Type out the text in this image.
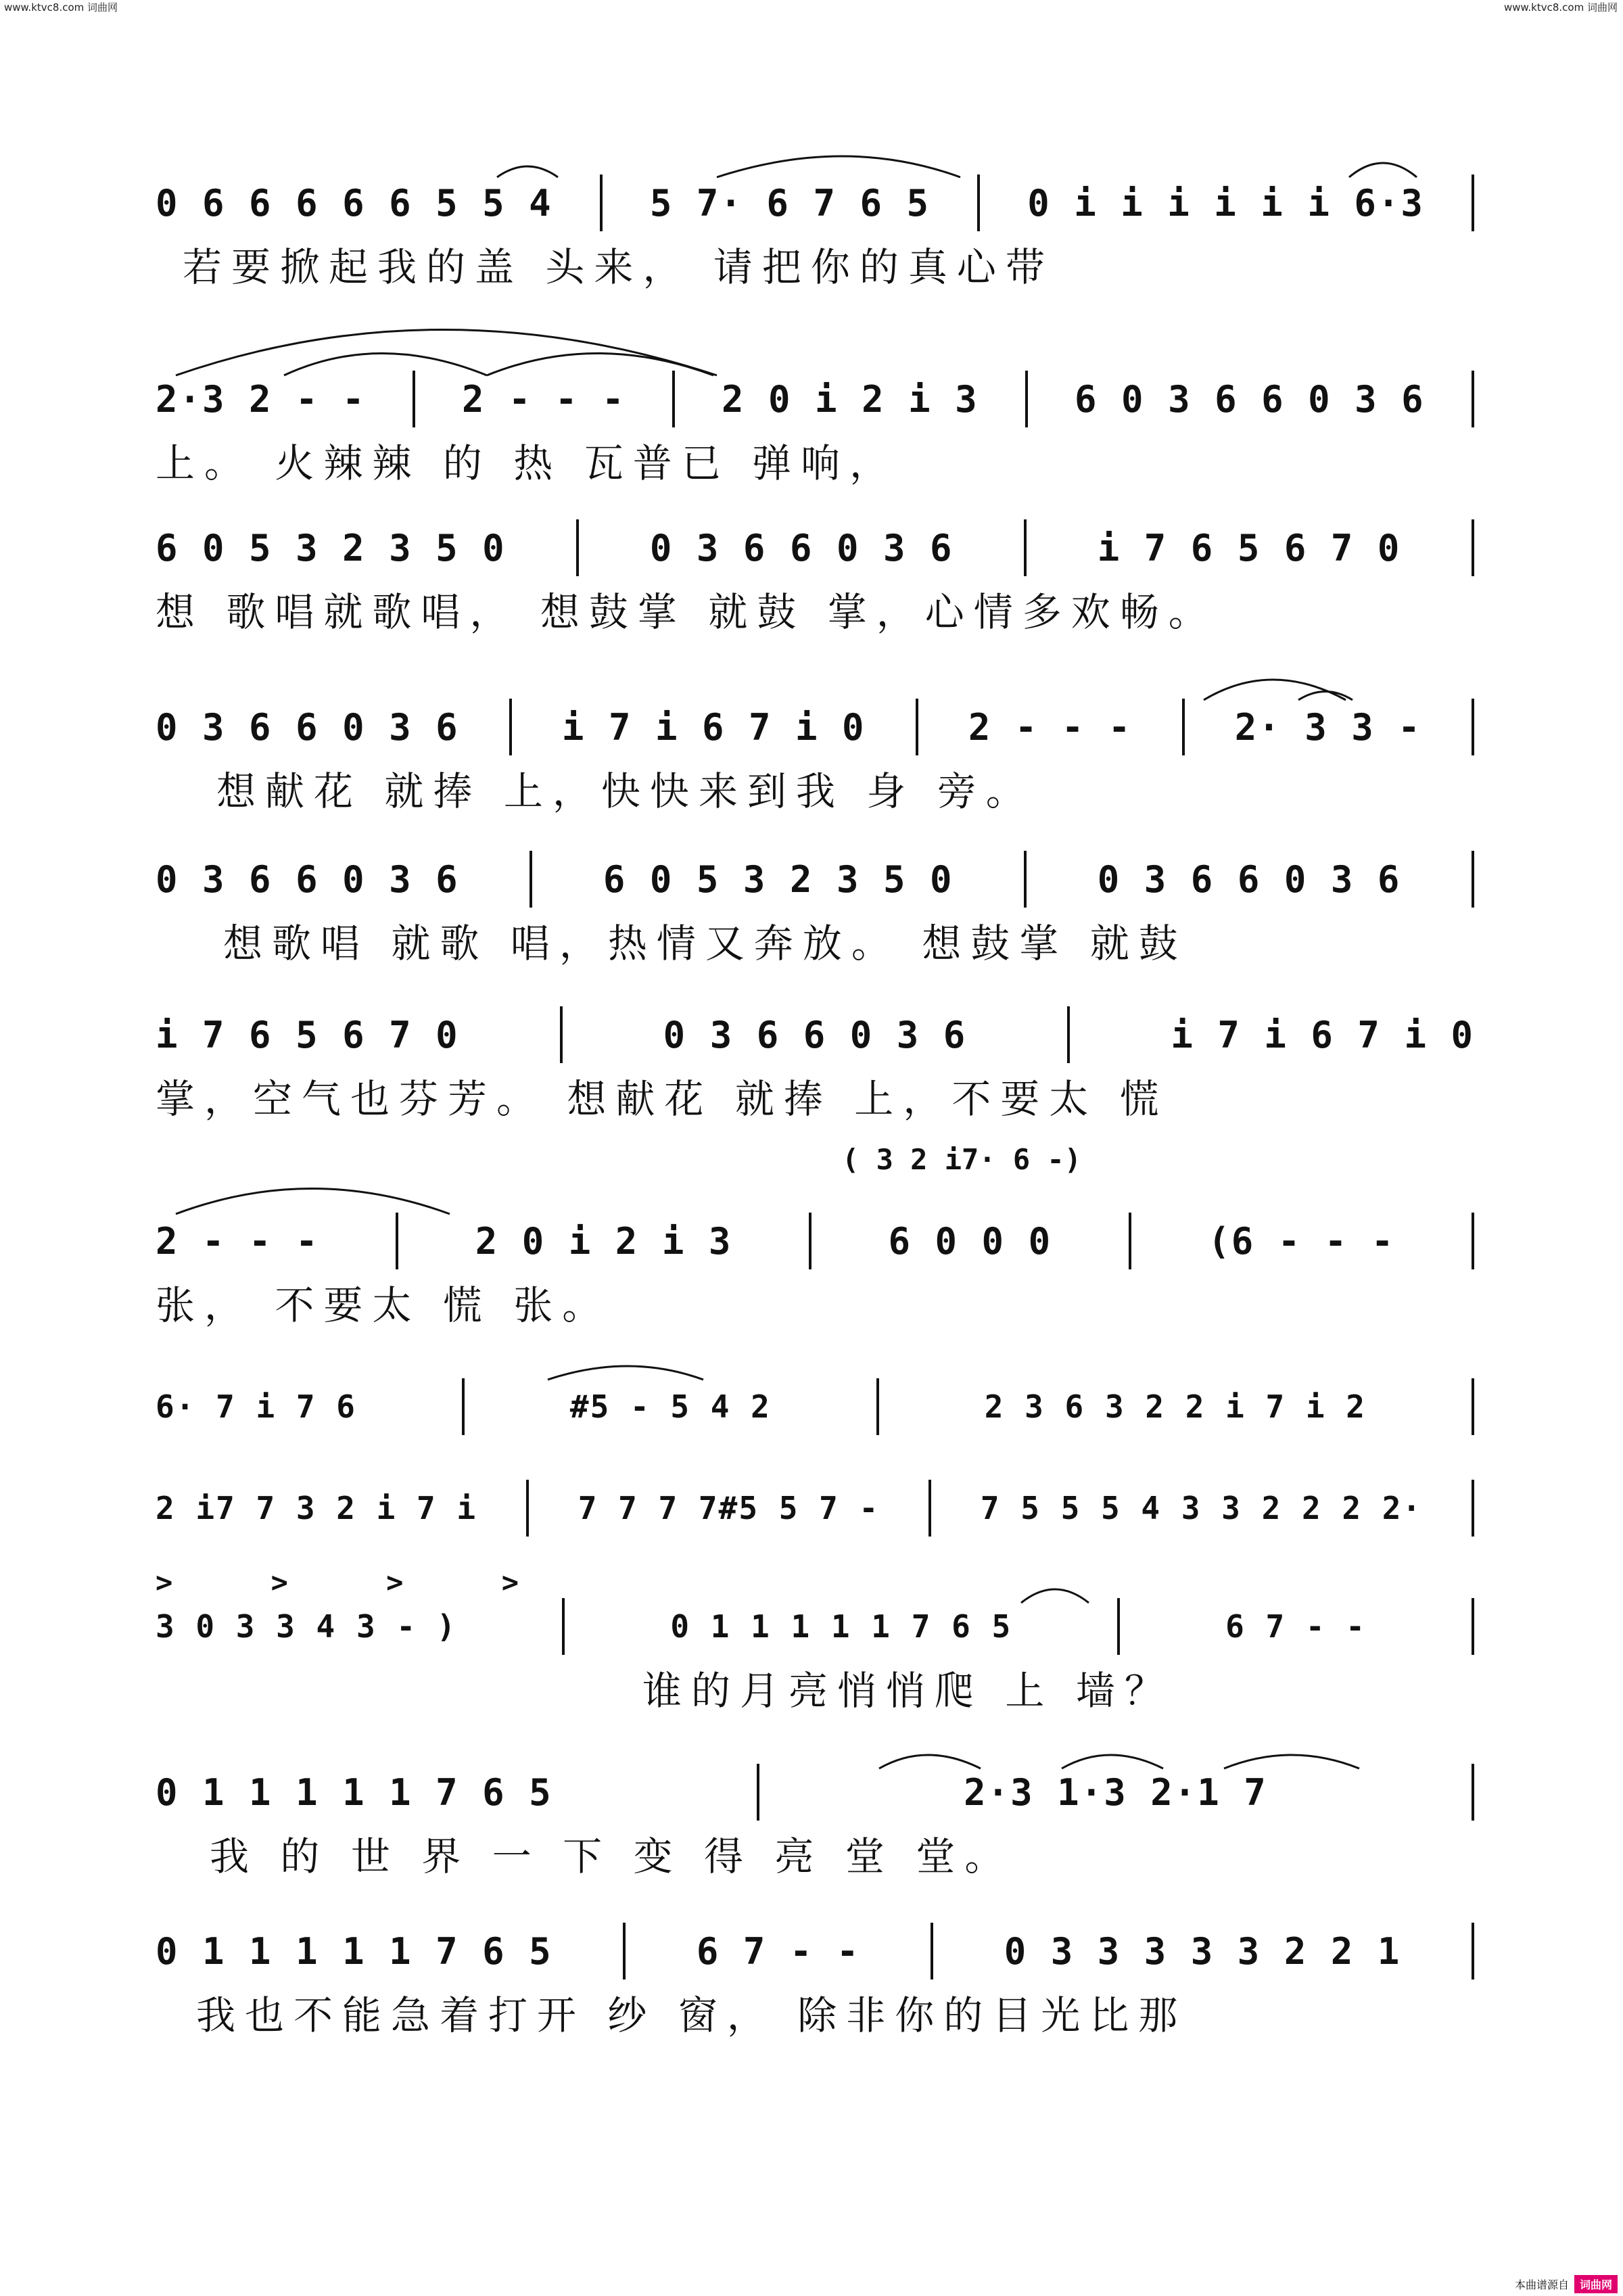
www.ktvc8.com 词曲网	www.ktvc8.com 词曲网
0 6 6 6 6 6 5 5 4	5 7· 6 7 6 5	0 i i i i i i 6·3
若要掀起我的盖 头来， 请把你的真心带
2·3 2 - -	2 - - -	2 0 i 2 i 3	6 0 3 6 6 0 3 6
上。 火辣辣 的 热 瓦普已 弹响，
6 0 5 3 2 3 5 0	0 3 6 6 0 3 6	i 7 6 5 6 7 0
想 歌唱就歌唱， 想鼓掌 就鼓 掌，心情多欢畅。
0 3 6 6 0 3 6	i 7 i 6 7 i 0	2 - - -	2· 3 3 -
想献花 就捧 上，快快来到我 身 旁。
0 3 6 6 0 3 6	6 0 5 3 2 3 5 0	0 3 6 6 0 3 6
想歌唱 就歌 唱，热情又奔放。 想鼓掌 就鼓
i 7 6 5 6 7 0	0 3 6 6 0 3 6	i 7 i 6 7 i 0
掌，空气也芬芳。 想献花 就捧 上，不要太 慌
( 3 2 i7· 6 -)
2 - - -	2 0 i 2 i 3	6 0 0 0	(6 - - -
张， 不要太 慌 张。
6· 7 i 7 6	#5 - 5 4 2	2 3 6 3 2 2 i 7 i 2
2 i7 7 3 2 i 7 i	7 7 7 7#5 5 7 -	7 5 5 5 4 3 3 2 2 2 2·
> > > >
3 0 3 3 4 3 - )	0 1 1 1 1 1 7 6 5	6 7 - -
谁的月亮悄悄爬 上 墙？
0 1 1 1 1 1 7 6 5	2·3 1·3 2·1 7
我 的 世 界 一 下 变 得 亮 堂 堂。
0 1 1 1 1 1 7 6 5	6 7 - -	0 3 3 3 3 3 2 2 1
我也不能急着打开 纱 窗， 除非你的目光比那
本曲谱源自	词曲网
